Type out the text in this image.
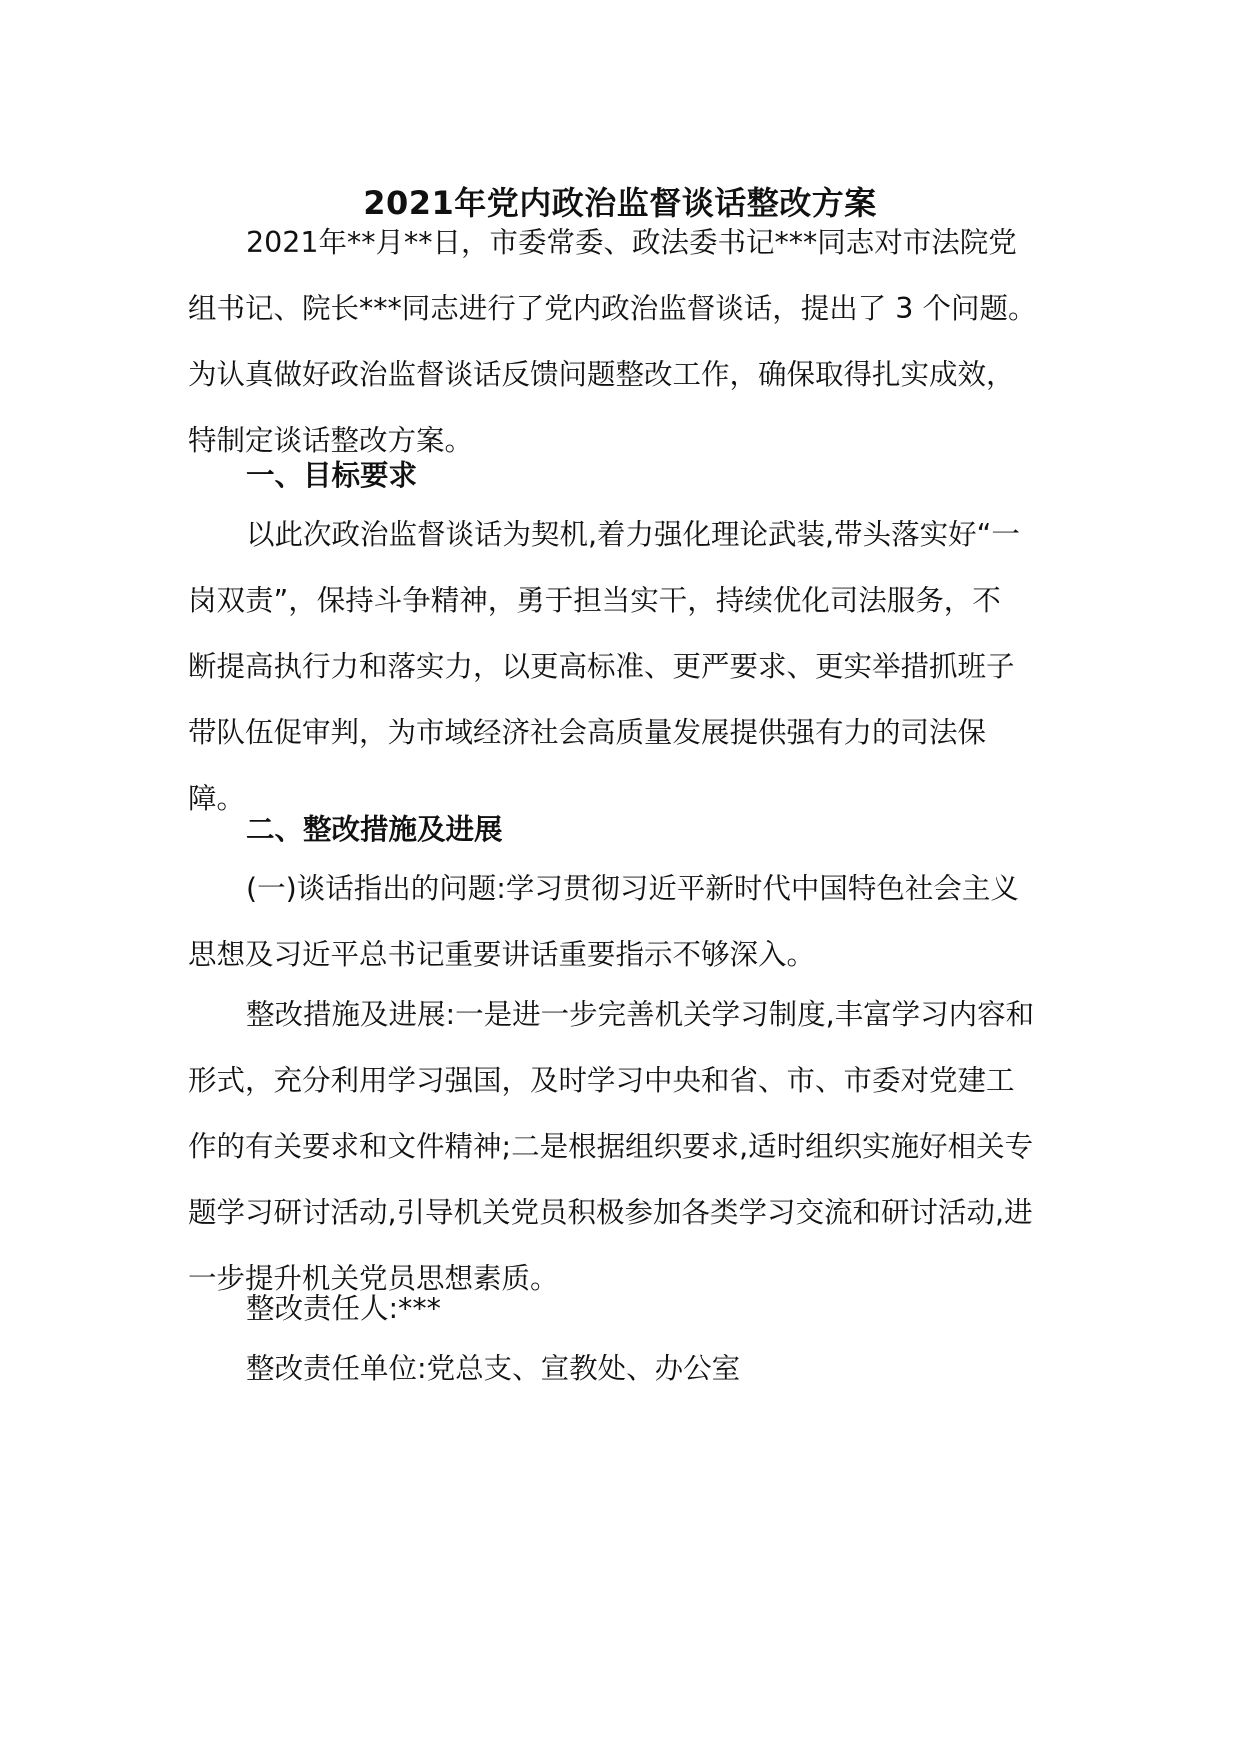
2021年党内政治监督谈话整改方案
2021年**月**日，市委常委、政法委书记***同志对市法院党
组书记、院长***同志进行了党内政治监督谈话，提出了 3 个问题。
为认真做好政治监督谈话反馈问题整改工作，确保取得扎实成效，
特制定谈话整改方案。
一、目标要求
以此次政治监督谈话为契机,着力强化理论武装,带头落实好“一
岗双责”，保持斗争精神，勇于担当实干，持续优化司法服务，不
断提高执行力和落实力，以更高标准、更严要求、更实举措抓班子
带队伍促审判，为市域经济社会高质量发展提供强有力的司法保
障。
二、整改措施及进展
(一)谈话指出的问题:学习贯彻习近平新时代中国特色社会主义
思想及习近平总书记重要讲话重要指示不够深入。
整改措施及进展:一是进一步完善机关学习制度,丰富学习内容和
形式，充分利用学习强国，及时学习中央和省、市、市委对党建工
作的有关要求和文件精神;二是根据组织要求,适时组织实施好相关专
题学习研讨活动,引导机关党员积极参加各类学习交流和研讨活动,进
一步提升机关党员思想素质。
整改责任人:***
整改责任单位:党总支、宣教处、办公室
